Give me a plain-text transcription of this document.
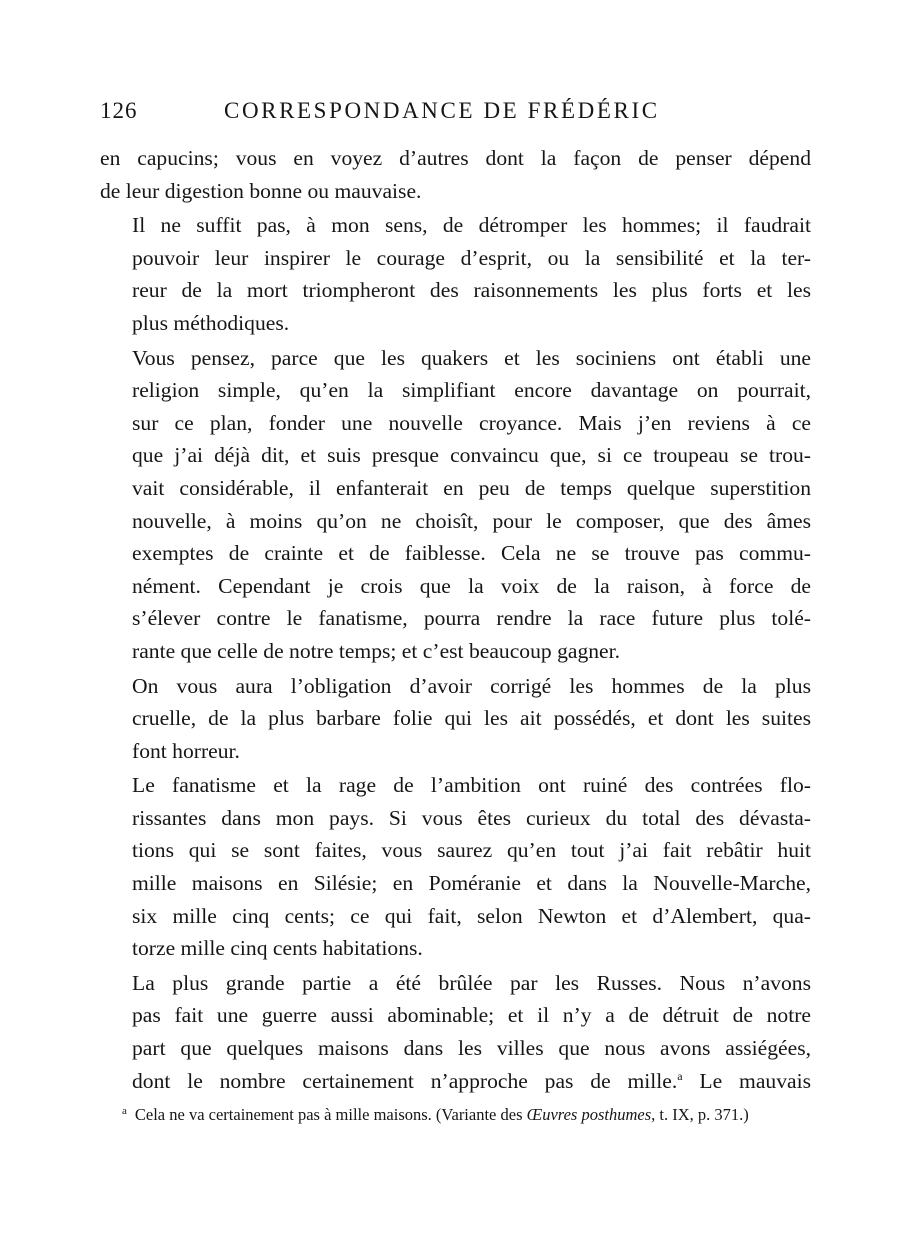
126	CORRESPONDANCE DE FRÉDÉRIC

en capucins; vous en voyez d’autres dont la façon de penser dépend
de leur digestion bonne ou mauvaise.

Il ne suffit pas, à mon sens, de détromper les hommes; il faudrait
pouvoir leur inspirer le courage d’esprit, ou la sensibilité et la ter-
reur de la mort triompheront des raisonnements les plus forts et les
plus méthodiques.

Vous pensez, parce que les quakers et les sociniens ont établi une
religion simple, qu’en la simplifiant encore davantage on pourrait,
sur ce plan, fonder une nouvelle croyance. Mais j’en reviens à ce
que j’ai déjà dit, et suis presque convaincu que, si ce troupeau se trou-
vait considérable, il enfanterait en peu de temps quelque superstition
nouvelle, à moins qu’on ne choisît, pour le composer, que des âmes
exemptes de crainte et de faiblesse. Cela ne se trouve pas commu-
nément. Cependant je crois que la voix de la raison, à force de
s’élever contre le fanatisme, pourra rendre la race future plus tolé-
rante que celle de notre temps; et c’est beaucoup gagner.

On vous aura l’obligation d’avoir corrigé les hommes de la plus
cruelle, de la plus barbare folie qui les ait possédés, et dont les suites
font horreur.

Le fanatisme et la rage de l’ambition ont ruiné des contrées flo-
rissantes dans mon pays. Si vous êtes curieux du total des dévasta-
tions qui se sont faites, vous saurez qu’en tout j’ai fait rebâtir huit
mille maisons en Silésie; en Poméranie et dans la Nouvelle-Marche,
six mille cinq cents; ce qui fait, selon Newton et d’Alembert, qua-
torze mille cinq cents habitations.

La plus grande partie a été brûlée par les Russes. Nous n’avons
pas fait une guerre aussi abominable; et il n’y a de détruit de notre
part que quelques maisons dans les villes que nous avons assiégées,
dont le nombre certainement n’approche pas de mille.$^a$ Le mauvais

$^a$ Cela ne va certainement pas à mille maisons. (Variante des Œuvres posthumes, t. IX, p. 371.)
